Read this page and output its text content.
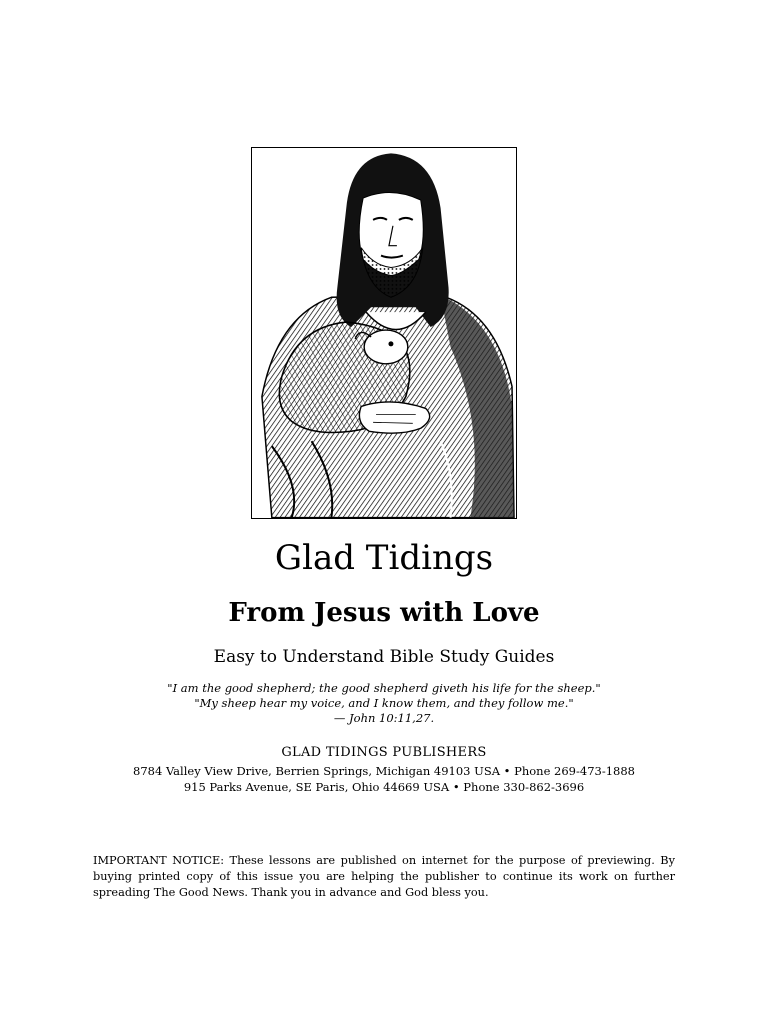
Glad Tidings
From Jesus with Love
Easy to Understand Bible Study Guides
"I am the good shepherd; the good shepherd giveth his life for the sheep."
"My sheep hear my voice, and I know them, and they follow me."
— John 10:11,27.
GLAD TIDINGS PUBLISHERS
8784 Valley View Drive, Berrien Springs, Michigan 49103 USA • Phone 269-473-1888
915 Parks Avenue, SE Paris, Ohio 44669 USA • Phone 330-862-3696
IMPORTANT NOTICE: These lessons are published on internet for the purpose of previewing. By buying printed copy of this issue you are helping the publisher to continue its work on further spreading The Good News. Thank you in advance and God bless you.
